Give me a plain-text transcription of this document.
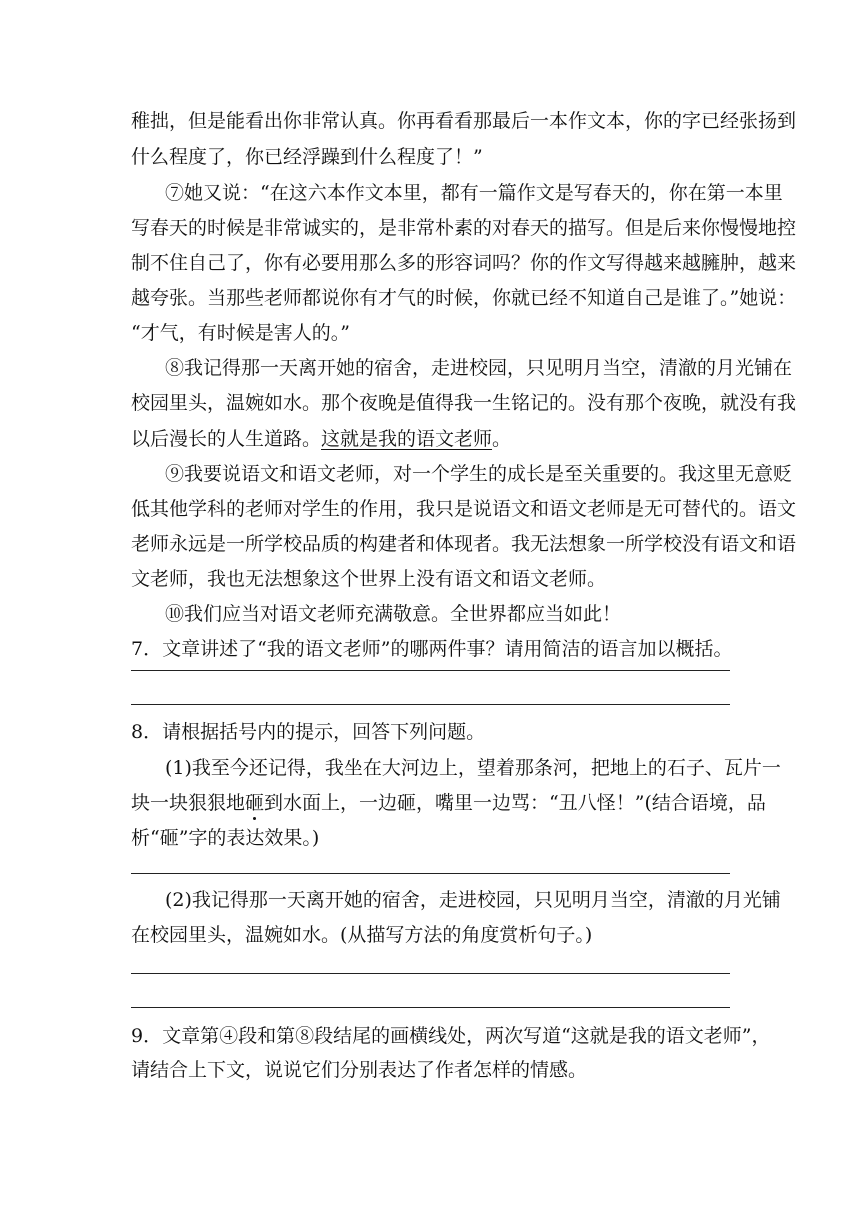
稚拙，但是能看出你非常认真。你再看看那最后一本作文本，你的字已经张扬到
什么程度了，你已经浮躁到什么程度了！”
⑦她又说：“在这六本作文本里，都有一篇作文是写春天的，你在第一本里
写春天的时候是非常诚实的，是非常朴素的对春天的描写。但是后来你慢慢地控
制不住自己了，你有必要用那么多的形容词吗？你的作文写得越来越臃肿，越来
越夸张。当那些老师都说你有才气的时候，你就已经不知道自己是谁了。”她说：
“才气，有时候是害人的。”
⑧我记得那一天离开她的宿舍，走进校园，只见明月当空，清澈的月光铺在
校园里头，温婉如水。那个夜晚是值得我一生铭记的。没有那个夜晚，就没有我
以后漫长的人生道路。这就是我的语文老师。
⑨我要说语文和语文老师，对一个学生的成长是至关重要的。我这里无意贬
低其他学科的老师对学生的作用，我只是说语文和语文老师是无可替代的。语文
老师永远是一所学校品质的构建者和体现者。我无法想象一所学校没有语文和语
文老师，我也无法想象这个世界上没有语文和语文老师。
⑩我们应当对语文老师充满敬意。全世界都应当如此！
7．文章讲述了“我的语文老师”的哪两件事？请用简洁的语言加以概括。
8．请根据括号内的提示，回答下列问题。
(1)我至今还记得，我坐在大河边上，望着那条河，把地上的石子、瓦片一
块一块狠狠地砸到水面上，一边砸，嘴里一边骂：“丑八怪！”(结合语境，品
析“砸”字的表达效果。)
(2)我记得那一天离开她的宿舍，走进校园，只见明月当空，清澈的月光铺
在校园里头，温婉如水。(从描写方法的角度赏析句子。)
9．文章第④段和第⑧段结尾的画横线处，两次写道“这就是我的语文老师”，
请结合上下文，说说它们分别表达了作者怎样的情感。
